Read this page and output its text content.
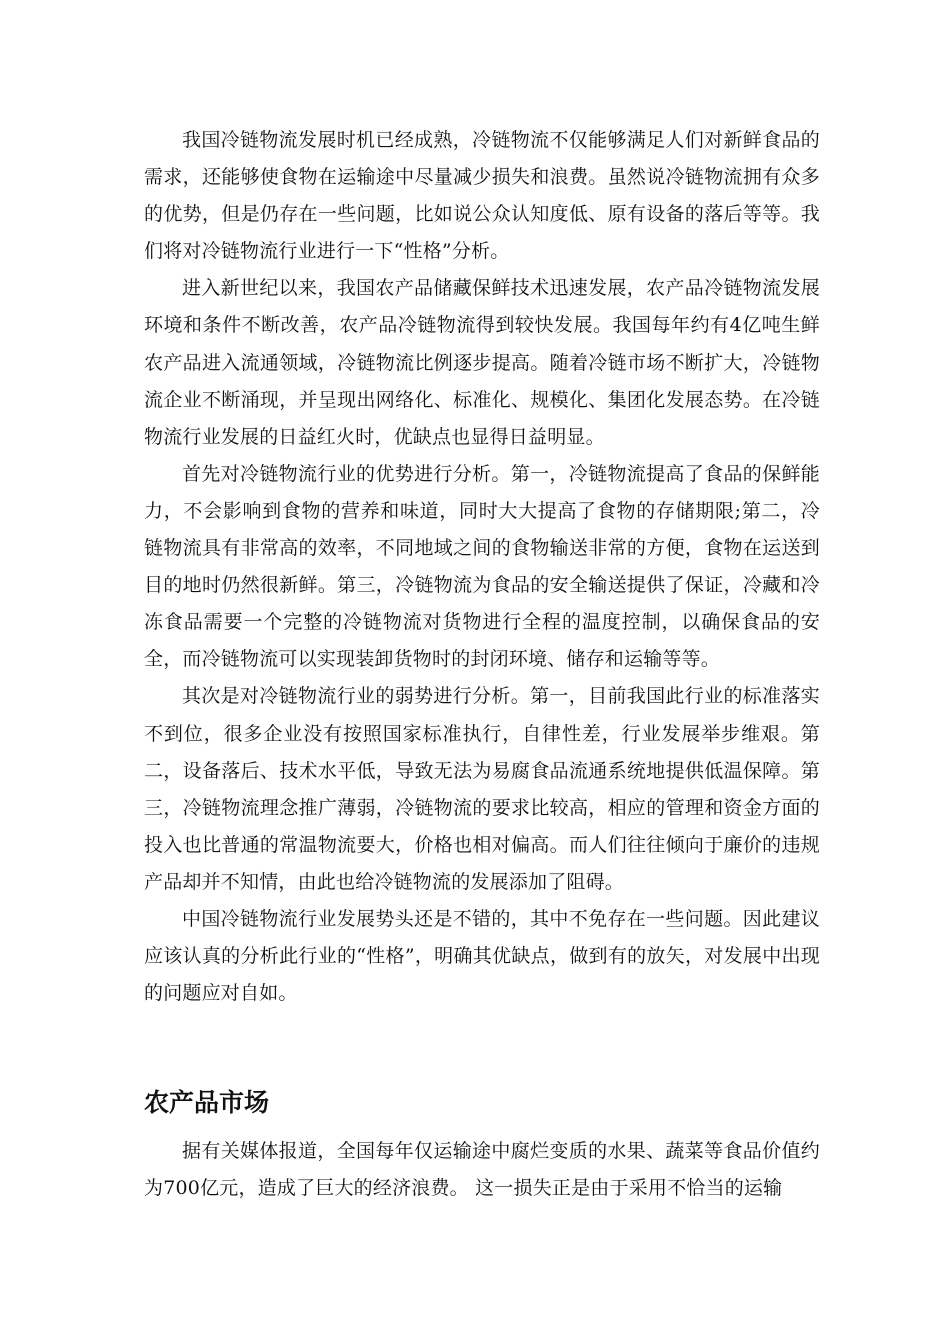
我国冷链物流发展时机已经成熟，冷链物流不仅能够满足人们对新鲜食品的需求，还能够使食物在运输途中尽量减少损失和浪费。虽然说冷链物流拥有众多的优势，但是仍存在一些问题，比如说公众认知度低、原有设备的落后等等。我们将对冷链物流行业进行一下“性格”分析。

进入新世纪以来，我国农产品储藏保鲜技术迅速发展，农产品冷链物流发展环境和条件不断改善，农产品冷链物流得到较快发展。我国每年约有4亿吨生鲜农产品进入流通领域，冷链物流比例逐步提高。随着冷链市场不断扩大，冷链物流企业不断涌现，并呈现出网络化、标准化、规模化、集团化发展态势。在冷链物流行业发展的日益红火时，优缺点也显得日益明显。

首先对冷链物流行业的优势进行分析。第一，冷链物流提高了食品的保鲜能力，不会影响到食物的营养和味道，同时大大提高了食物的存储期限;第二，冷链物流具有非常高的效率，不同地域之间的食物输送非常的方便，食物在运送到目的地时仍然很新鲜。第三，冷链物流为食品的安全输送提供了保证，冷藏和冷冻食品需要一个完整的冷链物流对货物进行全程的温度控制，以确保食品的安全，而冷链物流可以实现装卸货物时的封闭环境、储存和运输等等。

其次是对冷链物流行业的弱势进行分析。第一，目前我国此行业的标准落实不到位，很多企业没有按照国家标准执行，自律性差，行业发展举步维艰。第二，设备落后、技术水平低，导致无法为易腐食品流通系统地提供低温保障。第三，冷链物流理念推广薄弱，冷链物流的要求比较高，相应的管理和资金方面的投入也比普通的常温物流要大，价格也相对偏高。而人们往往倾向于廉价的违规产品却并不知情，由此也给冷链物流的发展添加了阻碍。

中国冷链物流行业发展势头还是不错的，其中不免存在一些问题。因此建议应该认真的分析此行业的“性格”，明确其优缺点，做到有的放矢，对发展中出现的问题应对自如。

农产品市场

据有关媒体报道，全国每年仅运输途中腐烂变质的水果、蔬菜等食品价值约为700亿元，造成了巨大的经济浪费。 这一损失正是由于采用不恰当的运输
